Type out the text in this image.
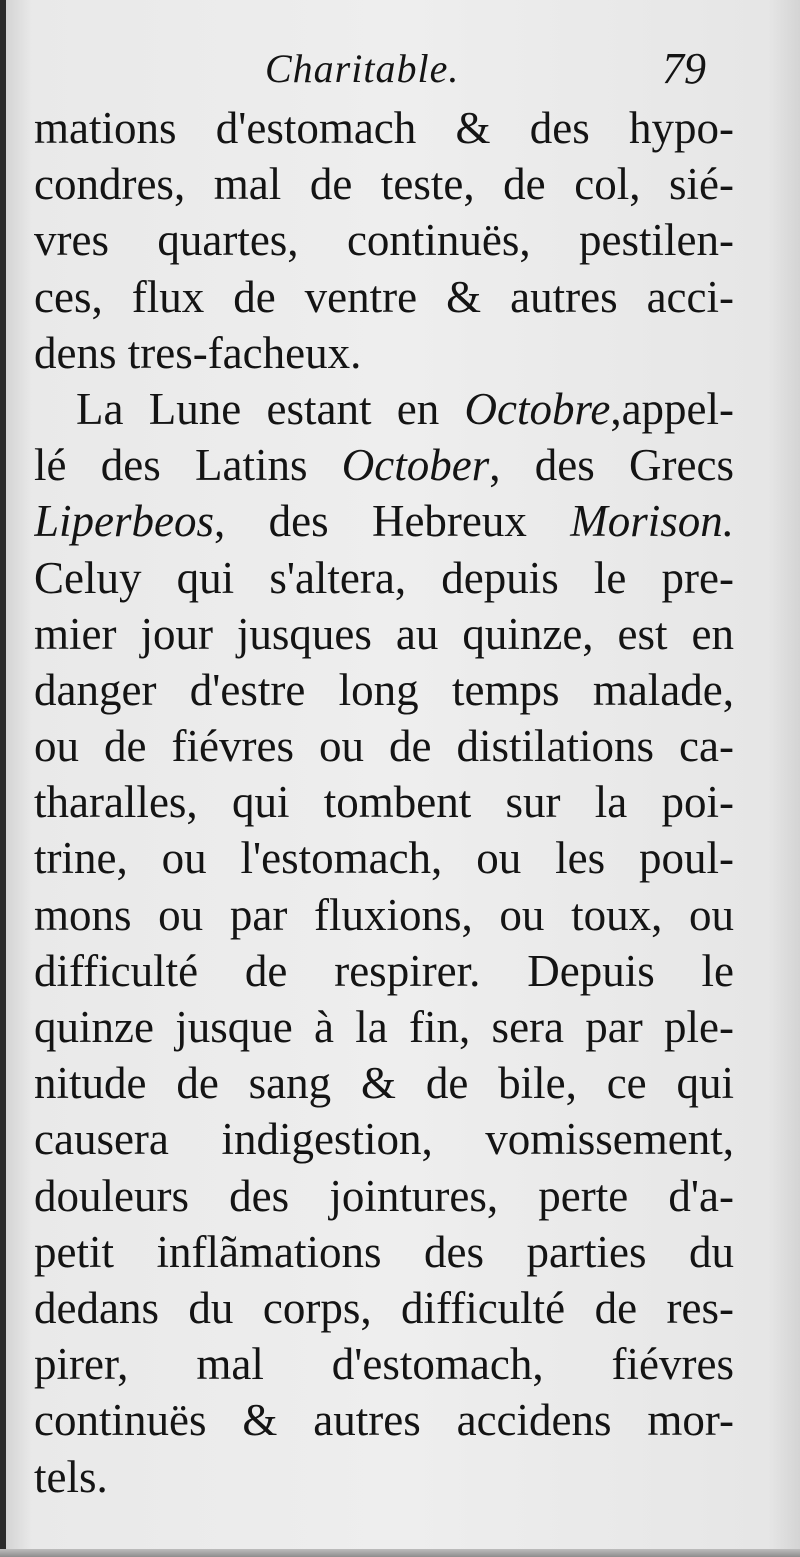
Charitable.	79
mations d'estomach & des hypo-
condres, mal de teste, de col, sié-
vres quartes, continuës, pestilen-
ces, flux de ventre & autres acci-
dens tres-facheux.
La Lune estant en Octobre,appel-
lé des Latins October, des Grecs
Liperbeos, des Hebreux Morison.
Celuy qui s'altera, depuis le pre-
mier jour jusques au quinze, est en
danger d'estre long temps malade,
ou de fiévres ou de distilations ca-
tharalles, qui tombent sur la poi-
trine, ou l'estomach, ou les poul-
mons ou par fluxions, ou toux, ou
difficulté de respirer. Depuis le
quinze jusque à la fin, sera par ple-
nitude de sang & de bile, ce qui
causera indigestion, vomissement,
douleurs des jointures, perte d'a-
petit inflãmations des parties du
dedans du corps, difficulté de res-
pirer, mal d'estomach, fiévres
continuës & autres accidens mor-
tels.
